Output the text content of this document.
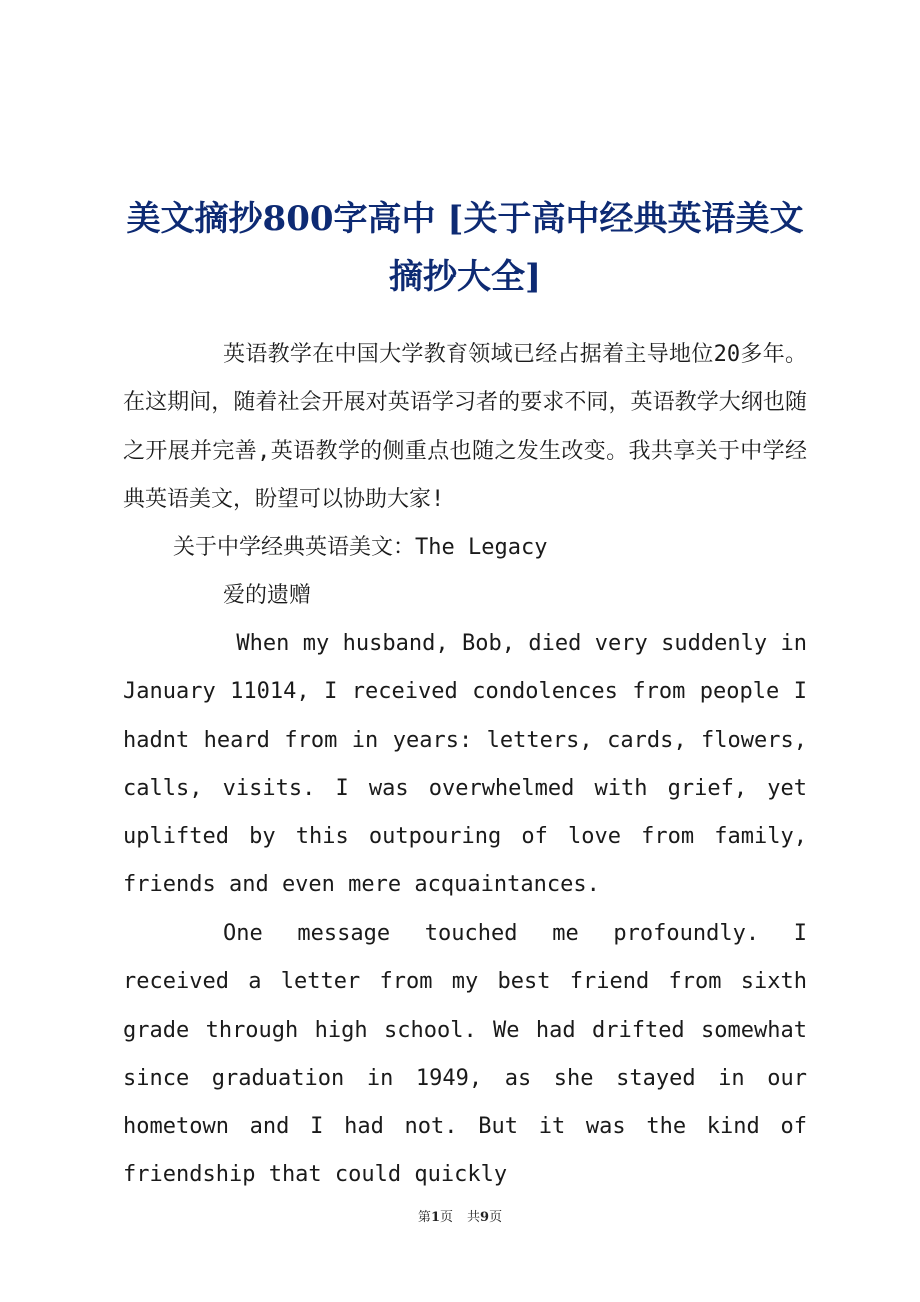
美文摘抄800字高中 [关于高中经典英语美文摘抄大全]

英语教学在中国大学教育领域已经占据着主导地位20多年。在这期间，随着社会开展对英语学习者的要求不同，英语教学大纲也随之开展并完善,英语教学的侧重点也随之发生改变。我共享关于中学经典英语美文，盼望可以协助大家!

关于中学经典英语美文：The Legacy

爱的遗赠

When my husband, Bob, died very suddenly in January 11014, I received condolences from people I hadnt heard from in years: letters, cards, flowers, calls, visits. I was overwhelmed with grief, yet uplifted by this outpouring of love from family, friends and even mere acquaintances.

One message touched me profoundly. I received a letter from my best friend from sixth grade through high school. We had drifted somewhat since graduation in 1949, as she stayed in our hometown and I had not. But it was the kind of friendship that could quickly

第1页 共9页
